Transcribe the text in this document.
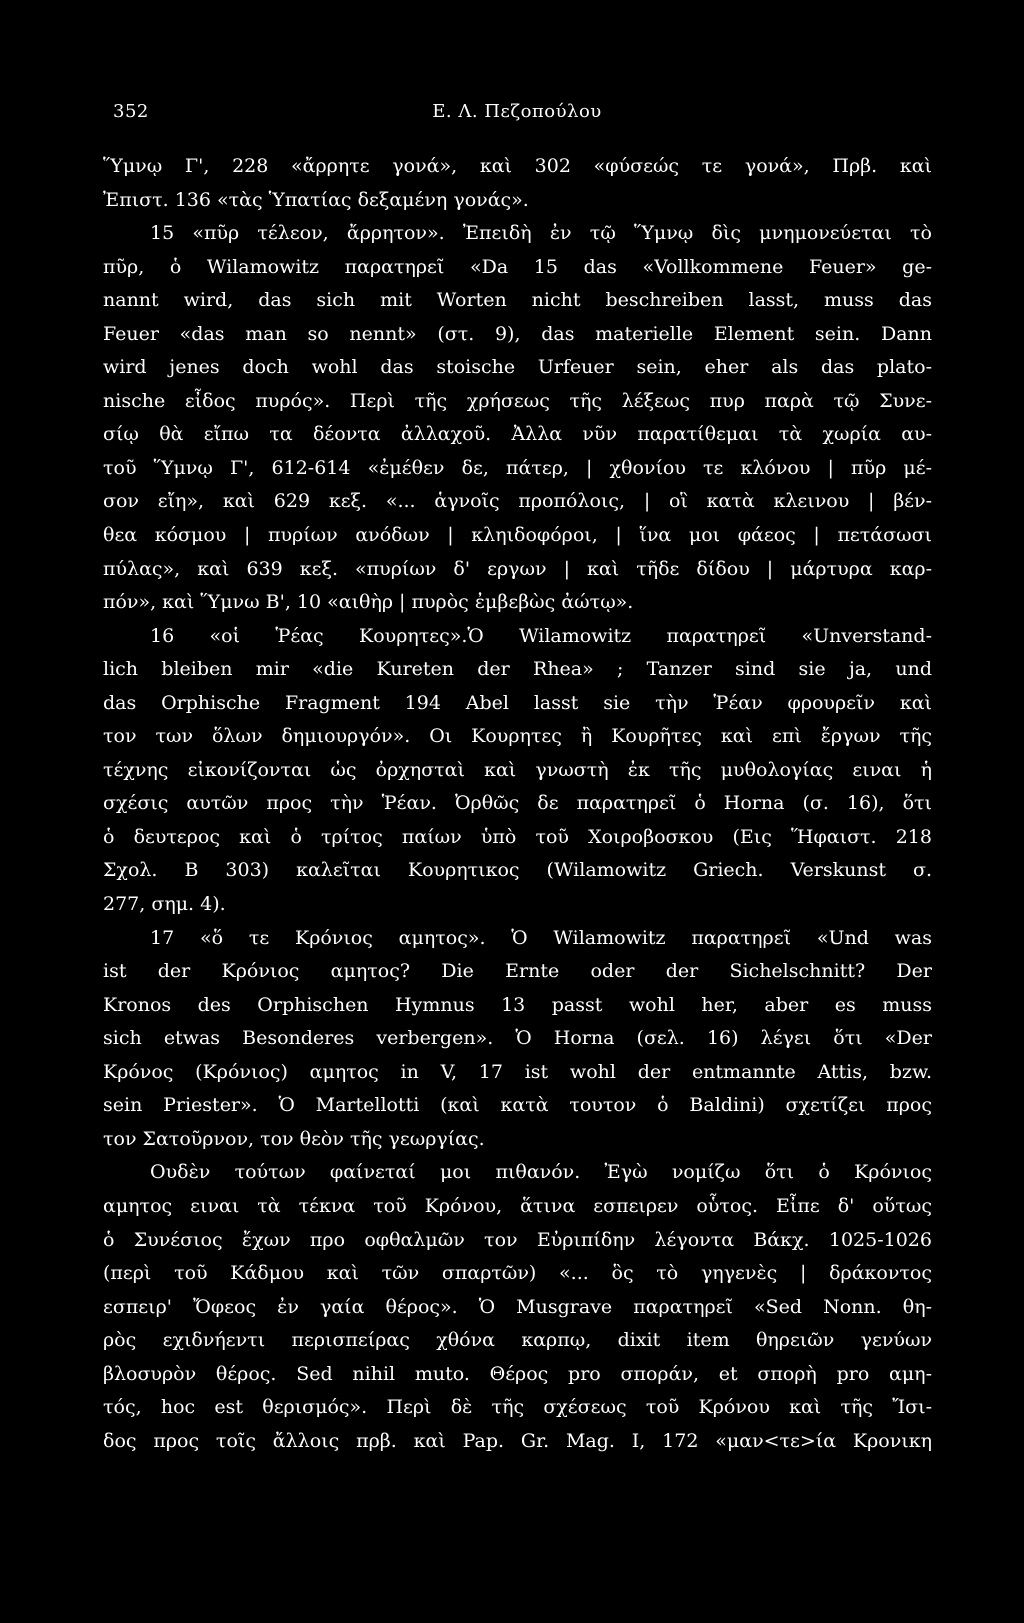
352	Ε. Λ. Πεζοπούλου
Ὕμνῳ Γ', 228 «ἄρρητε γονά», καὶ 302 «φύσεώς τε γονά», Πρβ. καὶ
Ἐπιστ. 136 «τὰς Ὑπατίας δεξαμένη γονάς».
15 «πῦρ τέλεον, ἄρρητον». Ἐπειδὴ ἐν τῷ Ὕμνῳ δὶς μνημονεύεται τὸ
πῦρ, ὁ Wilamowitz παρατηρεῖ «Da 15 das «Vollkommene Feuer» ge-
nannt wird, das sich mit Worten nicht beschreiben lasst, muss das
Feuer «das man so nennt» (στ. 9), das materielle Element sein. Dann
wird jenes doch wohl das stoische Urfeuer sein, eher als das plato-
nische εἶδος πυρός». Περὶ τῆς χρήσεως τῆς λέξεως πυρ παρὰ τῷ Συνε-
σίῳ θὰ εἴπω τα δέοντα ἀλλαχοῦ. Ἀλλα νῦν παρατίθεμαι τὰ χωρία αυ-
τοῦ Ὕμνῳ Γ', 612-614 «ἐμέθεν δε, πάτερ, | χθονίου τε κλόνου | πῦρ μέ-
σον εἴη», καὶ 629 κεξ. «... ἁγνοῖς προπόλοις, | οἳ κατὰ κλεινου | βέν-
θεα κόσμου | πυρίων ανόδων | κληιδοφόροι, | ἵνα μοι φάεος | πετάσωσι
πύλας», καὶ 639 κεξ. «πυρίων δ' εργων | καὶ τῆδε δίδου | μάρτυρα καρ-
πόν», καὶ Ὕμνω Β', 10 «αιθὴρ | πυρὸς ἐμβεβὼς ἀώτῳ».
16 «οἱ Ῥέας Κουρητες».Ὁ Wilamowitz παρατηρεῖ «Unverstand-
lich bleiben mir «die Kureten der Rhea» ; Tanzer sind sie ja, und
das Orphische Fragment 194 Abel lasst sie τὴν Ῥέαν φρουρεῖν καὶ
τον των ὅλων δημιουργόν». Οι Κουρητες ἢ Κουρῆτες καὶ επὶ ἔργων τῆς
τέχνης εἰκονίζονται ὡς ὀρχησταὶ καὶ γνωστὴ ἐκ τῆς μυθολογίας ειναι ἡ
σχέσις αυτῶν προς τὴν Ῥέαν. Ὀρθῶς δε παρατηρεῖ ὁ Horna (σ. 16), ὅτι
ὁ δευτερος καὶ ὁ τρίτος παίων ὑπὸ τοῦ Χοιροβοσκου (Εις Ἥφαιστ. 218
Σχολ. Β 303) καλεῖται Κουρητικος (Wilamowitz Griech. Verskunst σ.
277, σημ. 4).
17 «ὅ τε Κρόνιος αμητος». Ὁ Wilamowitz παρατηρεῖ «Und was
ist der Κρόνιος αμητος? Die Ernte oder der Sichelschnitt? Der
Kronos des Orphischen Hymnus 13 passt wohl her, aber es muss
sich etwas Besonderes verbergen». Ὁ Horna (σελ. 16) λέγει ὅτι «Der
Κρόνος (Κρόνιος) αμητος in V, 17 ist wohl der entmannte Attis, bzw.
sein Priester». Ὁ Martellotti (καὶ κατὰ τουτον ὁ Baldini) σχετίζει προς
τον Σατοῦρνον, τον θεὸν τῆς γεωργίας.
Ουδὲν τούτων φαίνεταί μοι πιθανόν. Ἐγὼ νομίζω ὅτι ὁ Κρόνιος
αμητος ειναι τὰ τέκνα τοῦ Κρόνου, ἅτινα εσπειρεν οὗτος. Εἶπε δ' οὕτως
ὁ Συνέσιος ἔχων προ οφθαλμῶν τον Εὐριπίδην λέγοντα Βάκχ. 1025-1026
(περὶ τοῦ Κάδμου καὶ τῶν σπαρτῶν) «... ὃς τὸ γηγενὲς | δράκοντος
εσπειρ' Ὄφεος ἐν γαία θέρος». Ὁ Musgrave παρατηρεῖ «Sed Nonn. θη-
ρὸς εχιδνήεντι περισπείρας χθόνα καρπῳ, dixit item θηρειῶν γενύων
βλοσυρὸν θέρος. Sed nihil muto. Θέρος pro σποράν, et σπορὴ pro αμη-
τός, hoc est θερισμός». Περὶ δὲ τῆς σχέσεως τοῦ Κρόνου καὶ τῆς Ἴσι-
δος προς τοῖς ἄλλοις πρβ. καὶ Pap. Gr. Mag. I, 172 «μαν<τε>ία Κρονικη
